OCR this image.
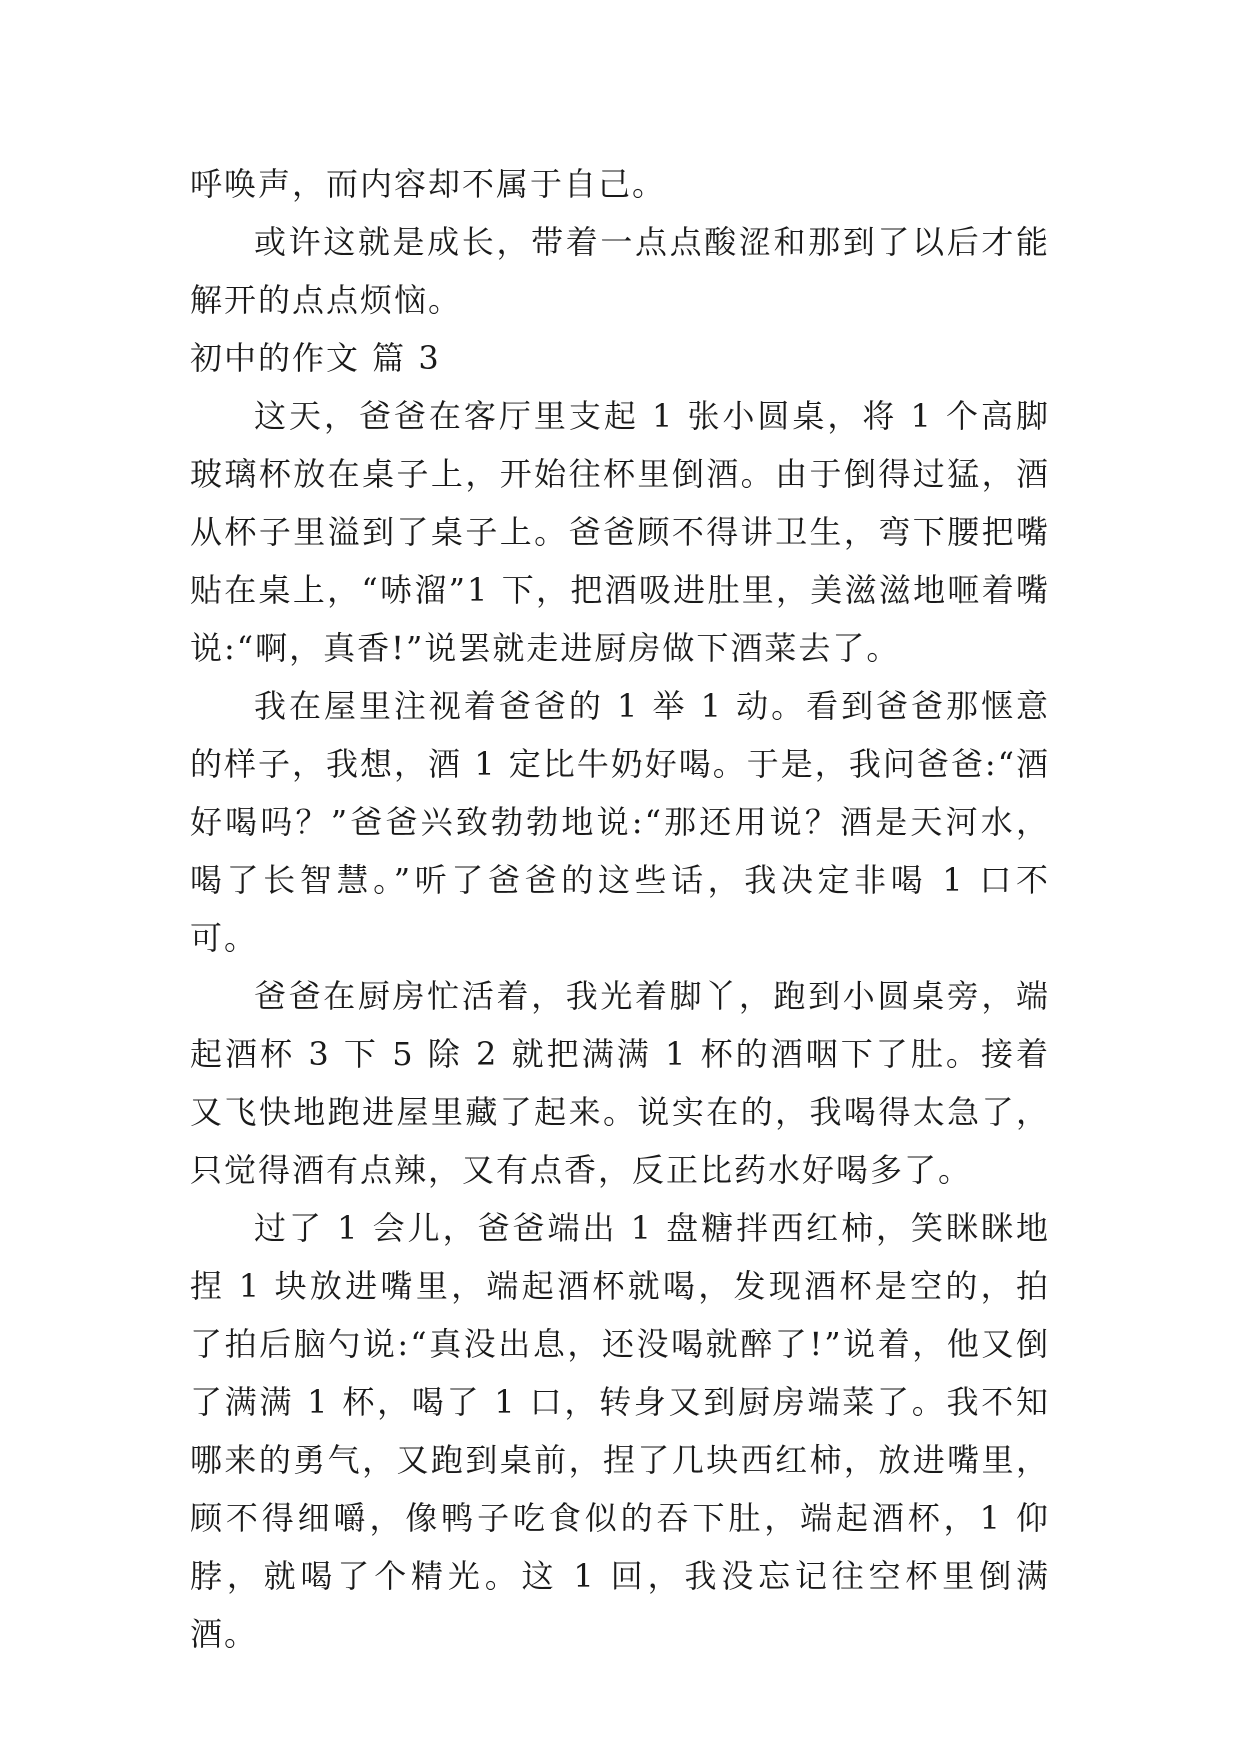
呼唤声，而内容却不属于自己。

或许这就是成长，带着一点点酸涩和那到了以后才能解开的点点烦恼。

初中的作文 篇 3

这天，爸爸在客厅里支起 1 张小圆桌，将 1 个高脚玻璃杯放在桌子上，开始往杯里倒酒。由于倒得过猛，酒从杯子里溢到了桌子上。爸爸顾不得讲卫生，弯下腰把嘴贴在桌上，“哧溜”1 下，把酒吸进肚里，美滋滋地咂着嘴说:“啊，真香!”说罢就走进厨房做下酒菜去了。

我在屋里注视着爸爸的 1 举 1 动。看到爸爸那惬意的样子，我想，酒 1 定比牛奶好喝。于是，我问爸爸:“酒好喝吗？”爸爸兴致勃勃地说:“那还用说？酒是天河水，喝了长智慧。”听了爸爸的这些话，我决定非喝 1 口不可。

爸爸在厨房忙活着，我光着脚丫，跑到小圆桌旁，端起酒杯 3 下 5 除 2 就把满满 1 杯的酒咽下了肚。接着又飞快地跑进屋里藏了起来。说实在的，我喝得太急了，只觉得酒有点辣，又有点香，反正比药水好喝多了。

过了 1 会儿，爸爸端出 1 盘糖拌西红柿，笑眯眯地捏 1 块放进嘴里，端起酒杯就喝，发现酒杯是空的，拍了拍后脑勺说:“真没出息，还没喝就醉了!”说着，他又倒了满满 1 杯，喝了 1 口，转身又到厨房端菜了。我不知哪来的勇气，又跑到桌前，捏了几块西红柿，放进嘴里，顾不得细嚼，像鸭子吃食似的吞下肚，端起酒杯，1 仰脖，就喝了个精光。这 1 回，我没忘记往空杯里倒满酒。
